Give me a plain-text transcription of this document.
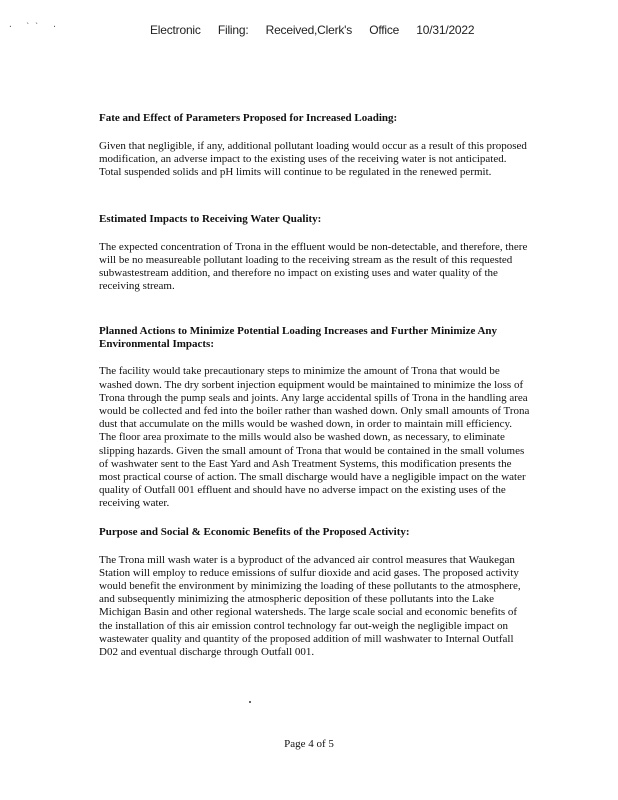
· `` ·	Electronic Filing: Received,Clerk's Office 10/31/2022

Fate and Effect of Parameters Proposed for Increased Loading:

Given that negligible, if any, additional pollutant loading would occur as a result of this proposed modification, an adverse impact to the existing uses of the receiving water is not anticipated. Total suspended solids and pH limits will continue to be regulated in the renewed permit.

Estimated Impacts to Receiving Water Quality:

The expected concentration of Trona in the effluent would be non-detectable, and therefore, there will be no measureable pollutant loading to the receiving stream as the result of this requested subwastestream addition, and therefore no impact on existing uses and water quality of the receiving stream.

Planned Actions to Minimize Potential Loading Increases and Further Minimize Any Environmental Impacts:

The facility would take precautionary steps to minimize the amount of Trona that would be washed down. The dry sorbent injection equipment would be maintained to minimize the loss of Trona through the pump seals and joints. Any large accidental spills of Trona in the handling area would be collected and fed into the boiler rather than washed down. Only small amounts of Trona dust that accumulate on the mills would be washed down, in order to maintain mill efficiency. The floor area proximate to the mills would also be washed down, as necessary, to eliminate slipping hazards. Given the small amount of Trona that would be contained in the small volumes of washwater sent to the East Yard and Ash Treatment Systems, this modification presents the most practical course of action. The small discharge would have a negligible impact on the water quality of Outfall 001 effluent and should have no adverse impact on the existing uses of the receiving water.

Purpose and Social & Economic Benefits of the Proposed Activity:

The Trona mill wash water is a byproduct of the advanced air control measures that Waukegan Station will employ to reduce emissions of sulfur dioxide and acid gases. The proposed activity would benefit the environment by minimizing the loading of these pollutants to the atmosphere, and subsequently minimizing the atmospheric deposition of these pollutants into the Lake Michigan Basin and other regional watersheds. The large scale social and economic benefits of the installation of this air emission control technology far out-weigh the negligible impact on wastewater quality and quantity of the proposed addition of mill washwater to Internal Outfall D02 and eventual discharge through Outfall 001.

Page 4 of 5
